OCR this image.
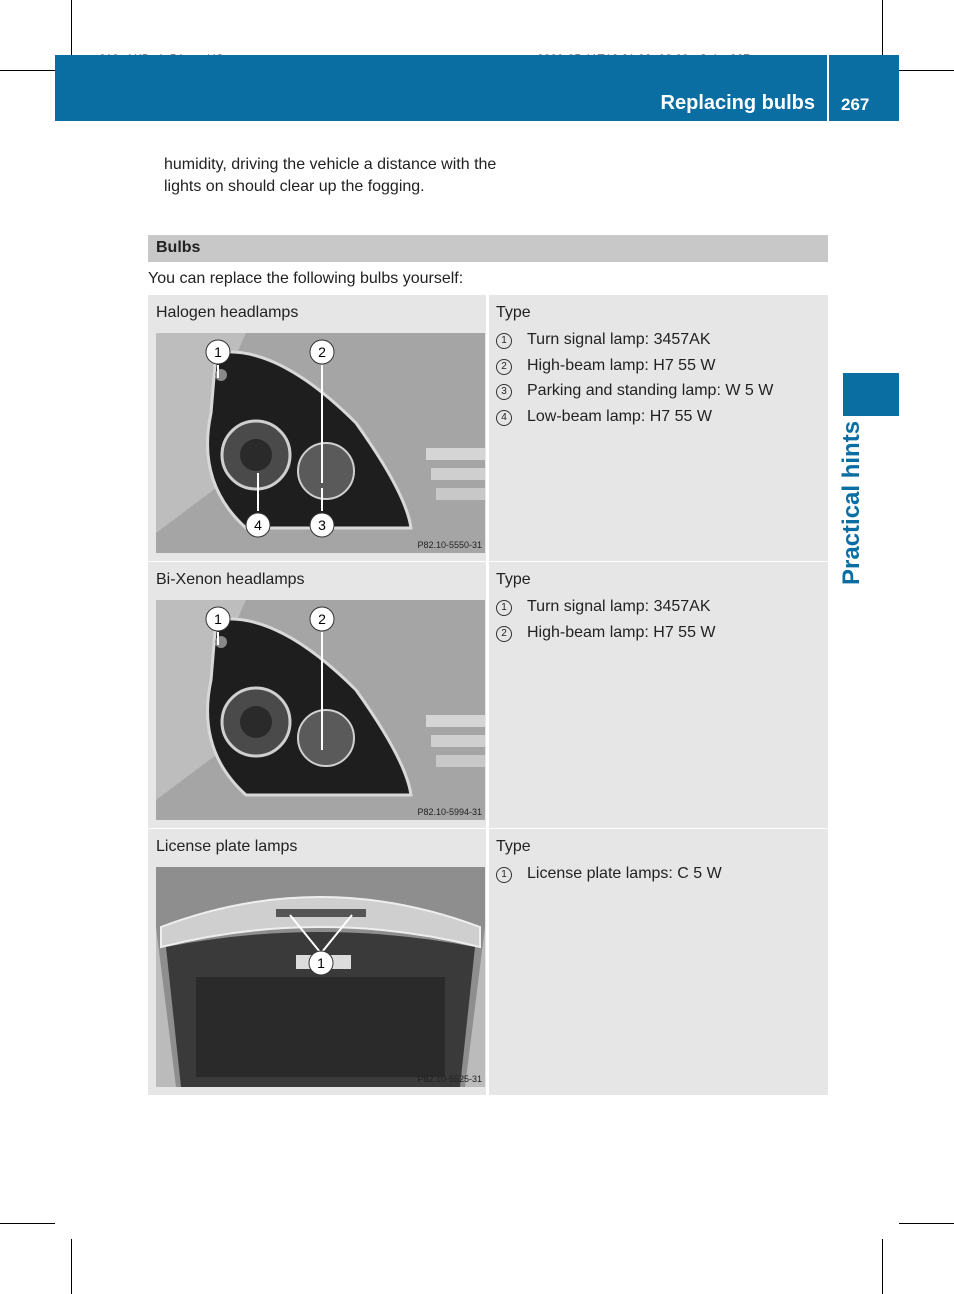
Replacing bulbs 267
Practical hints
humidity, driving the vehicle a distance with the lights on should clear up the fogging.
Bulbs
You can replace the following bulbs yourself:
Halogen headlamps
1	2
3
4
P82.10-5550-31
Type
1	Turn signal lamp: 3457AK
2	High-beam lamp: H7 55 W
3	Parking and standing lamp: W 5 W
4	Low-beam lamp: H7 55 W
Bi-Xenon headlamps
1	2
P82.10-5994-31
Type
1	Turn signal lamp: 3457AK
2	High-beam lamp: H7 55 W
License plate lamps
1
P82.10-5525-31
Type
1	License plate lamps: C 5 W
